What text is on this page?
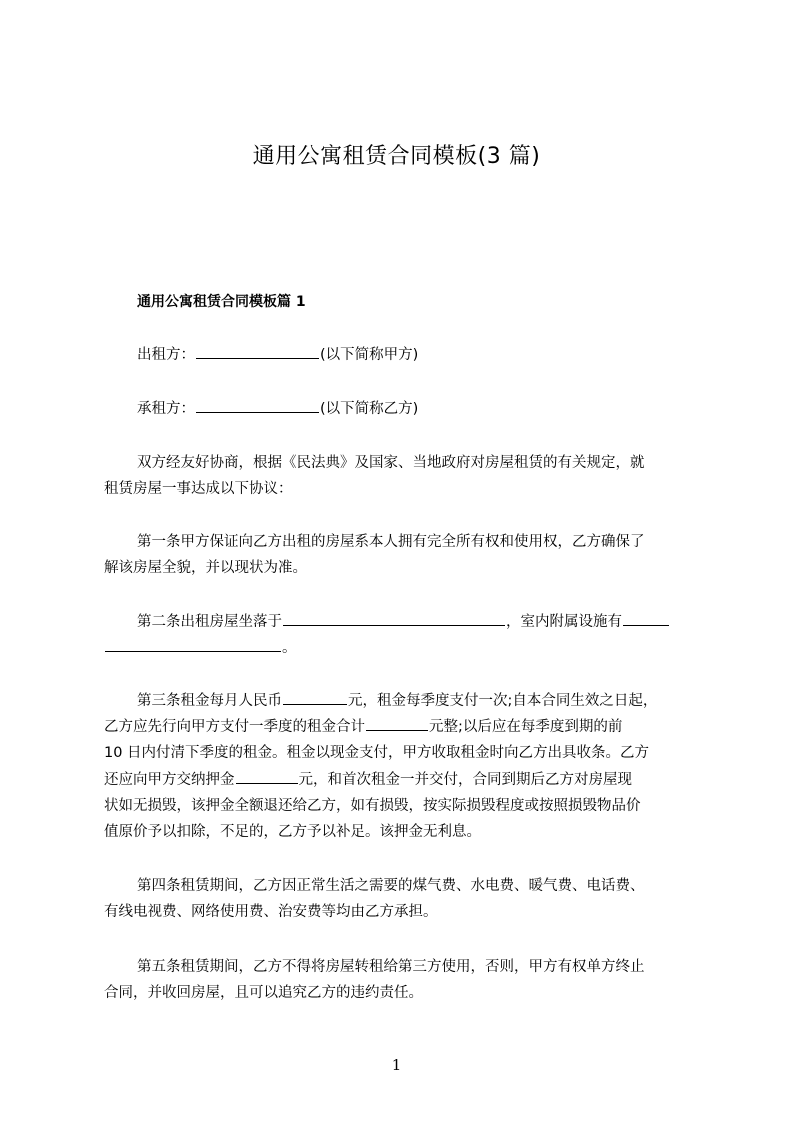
通用公寓租赁合同模板(3 篇)
通用公寓租赁合同模板篇 1
出租方：	(以下简称甲方)
承租方：	(以下简称乙方)
双方经友好协商，根据《民法典》及国家、当地政府对房屋租赁的有关规定，就
租赁房屋一事达成以下协议：
第一条甲方保证向乙方出租的房屋系本人拥有完全所有权和使用权，乙方确保了
解该房屋全貌，并以现状为准。
第二条出租房屋坐落于	，室内附属设施有
。
第三条租金每月人民币	元，租金每季度支付一次;自本合同生效之日起，
乙方应先行向甲方支付一季度的租金合计	元整;以后应在每季度到期的前
10 日内付清下季度的租金。租金以现金支付，甲方收取租金时向乙方出具收条。乙方
还应向甲方交纳押金	元，和首次租金一并交付，合同到期后乙方对房屋现
状如无损毁，该押金全额退还给乙方，如有损毁，按实际损毁程度或按照损毁物品价
值原价予以扣除，不足的，乙方予以补足。该押金无利息。
第四条租赁期间，乙方因正常生活之需要的煤气费、水电费、暖气费、电话费、
有线电视费、网络使用费、治安费等均由乙方承担。
第五条租赁期间，乙方不得将房屋转租给第三方使用，否则，甲方有权单方终止
合同，并收回房屋，且可以追究乙方的违约责任。
1
